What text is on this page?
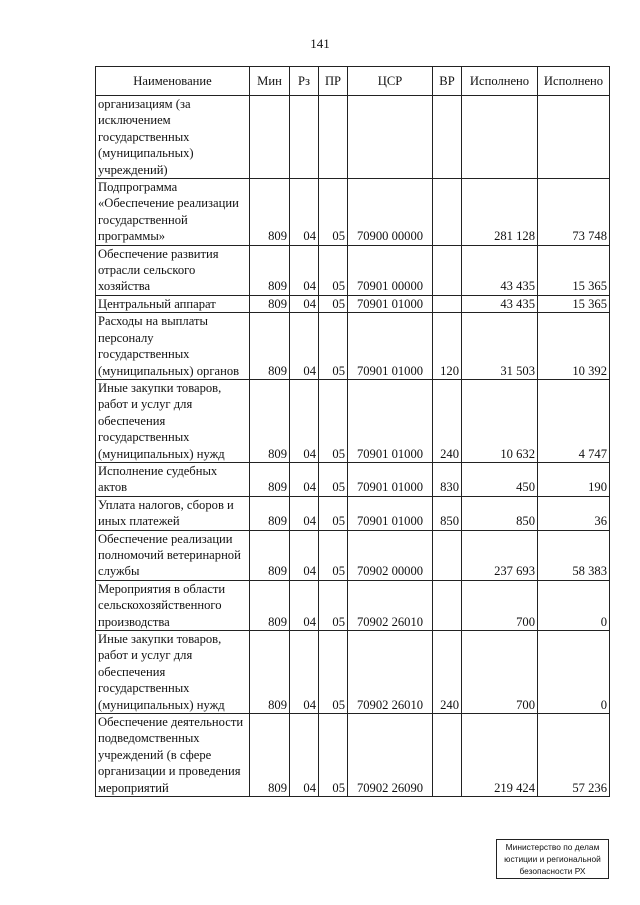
141
Наименование	Мин	Рз	ПР	ЦСР	ВР	Исполнено	Исполнено
организациям (за исключением государственных (муниципальных) учреждений)							
Подпрограмма «Обеспечение реализации государственной программы»	809	04	05	70900 00000		281 128	73 748
Обеспечение развития отрасли сельского хозяйства	809	04	05	70901 00000		43 435	15 365
Центральный аппарат	809	04	05	70901 01000		43 435	15 365
Расходы на выплаты персоналу государственных (муниципальных) органов	809	04	05	70901 01000	120	31 503	10 392
Иные закупки товаров, работ и услуг для обеспечения государственных (муниципальных) нужд	809	04	05	70901 01000	240	10 632	4 747
Исполнение судебных актов	809	04	05	70901 01000	830	450	190
Уплата налогов, сборов и иных платежей	809	04	05	70901 01000	850	850	36
Обеспечение реализации полномочий ветеринарной службы	809	04	05	70902 00000		237 693	58 383
Мероприятия в области сельскохозяйственного производства	809	04	05	70902 26010		700	0
Иные закупки товаров, работ и услуг для обеспечения государственных (муниципальных) нужд	809	04	05	70902 26010	240	700	0
Обеспечение деятельности подведомственных учреждений (в сфере организации и проведения мероприятий	809	04	05	70902 26090		219 424	57 236
Министерство по делам
юстиции и региональной
безопасности РХ
